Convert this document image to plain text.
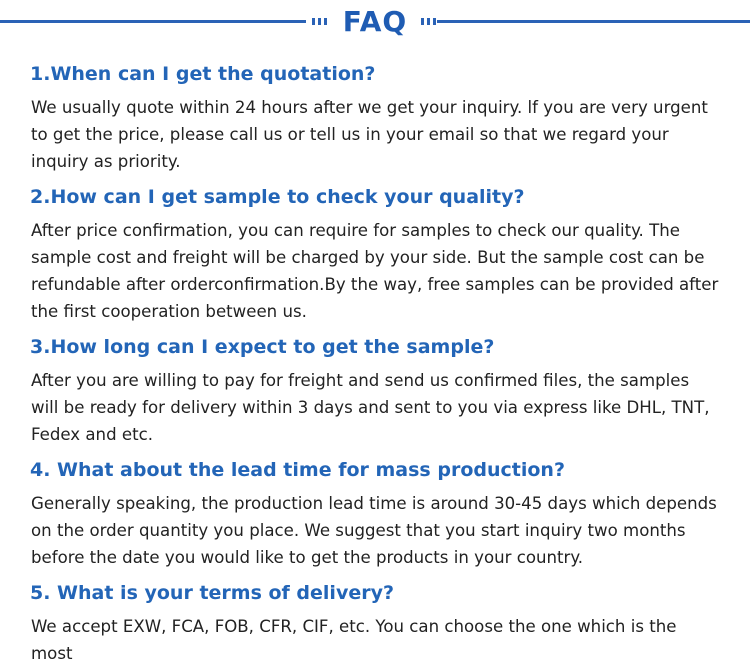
FAQ
1.When can I get the quotation?
We usually quote within 24 hours after we get your inquiry. lf you are very urgent to get the price, please call us or tell us in your email so that we regard your inquiry as priority.
2.How can I get sample to check your quality?
After price confirmation, you can require for samples to check our quality. The sample cost and freight will be charged by your side. But the sample cost can be refundable after orderconfirmation.By the way, free samples can be provided after the first cooperation between us.
3.How long can I expect to get the sample?
After you are willing to pay for freight and send us confirmed files, the samples will be ready for delivery within 3 days and sent to you via express like DHL, TNT, Fedex and etc.
4. What about the lead time for mass production?
Generally speaking, the production lead time is around 30-45 days which depends on the order quantity you place. We suggest that you start inquiry two months before the date you would like to get the products in your country.
5. What is your terms of delivery?
We accept EXW, FCA, FOB, CFR, CIF, etc. You can choose the one which is the most
